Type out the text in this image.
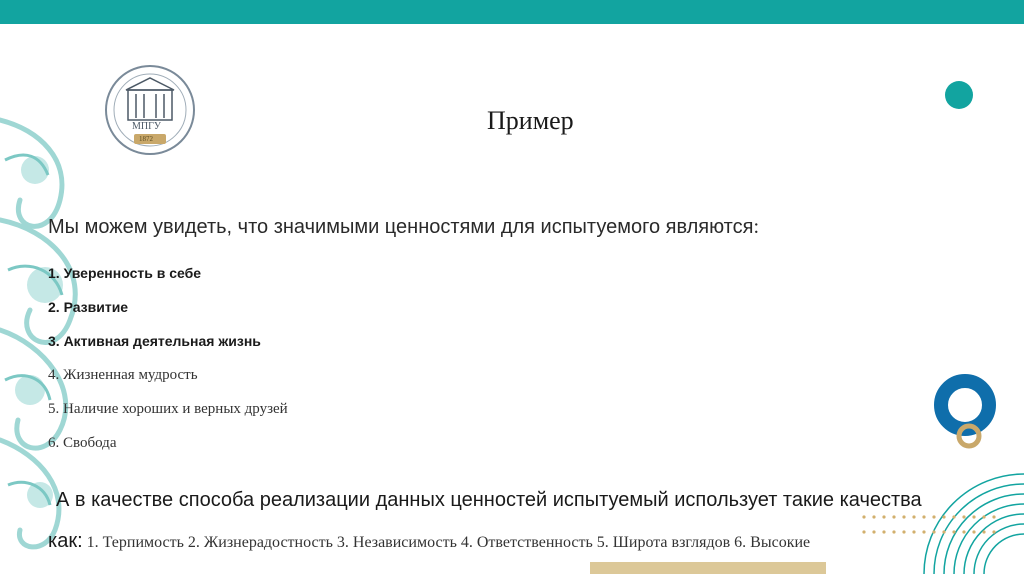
МПГУ
1872
Пример
Мы можем увидеть, что значимыми ценностями для испытуемого являются:
1. Уверенность в себе
2. Развитие
3. Активная деятельная жизнь
4. Жизненная мудрость
5. Наличие хороших и верных друзей
6. Свобода
А в качестве способа реализации данных ценностей испытуемый использует такие качества
как: 1. Терпимость 2. Жизнерадостность 3. Независимость 4. Ответственность 5. Широта взглядов 6. Высокие
